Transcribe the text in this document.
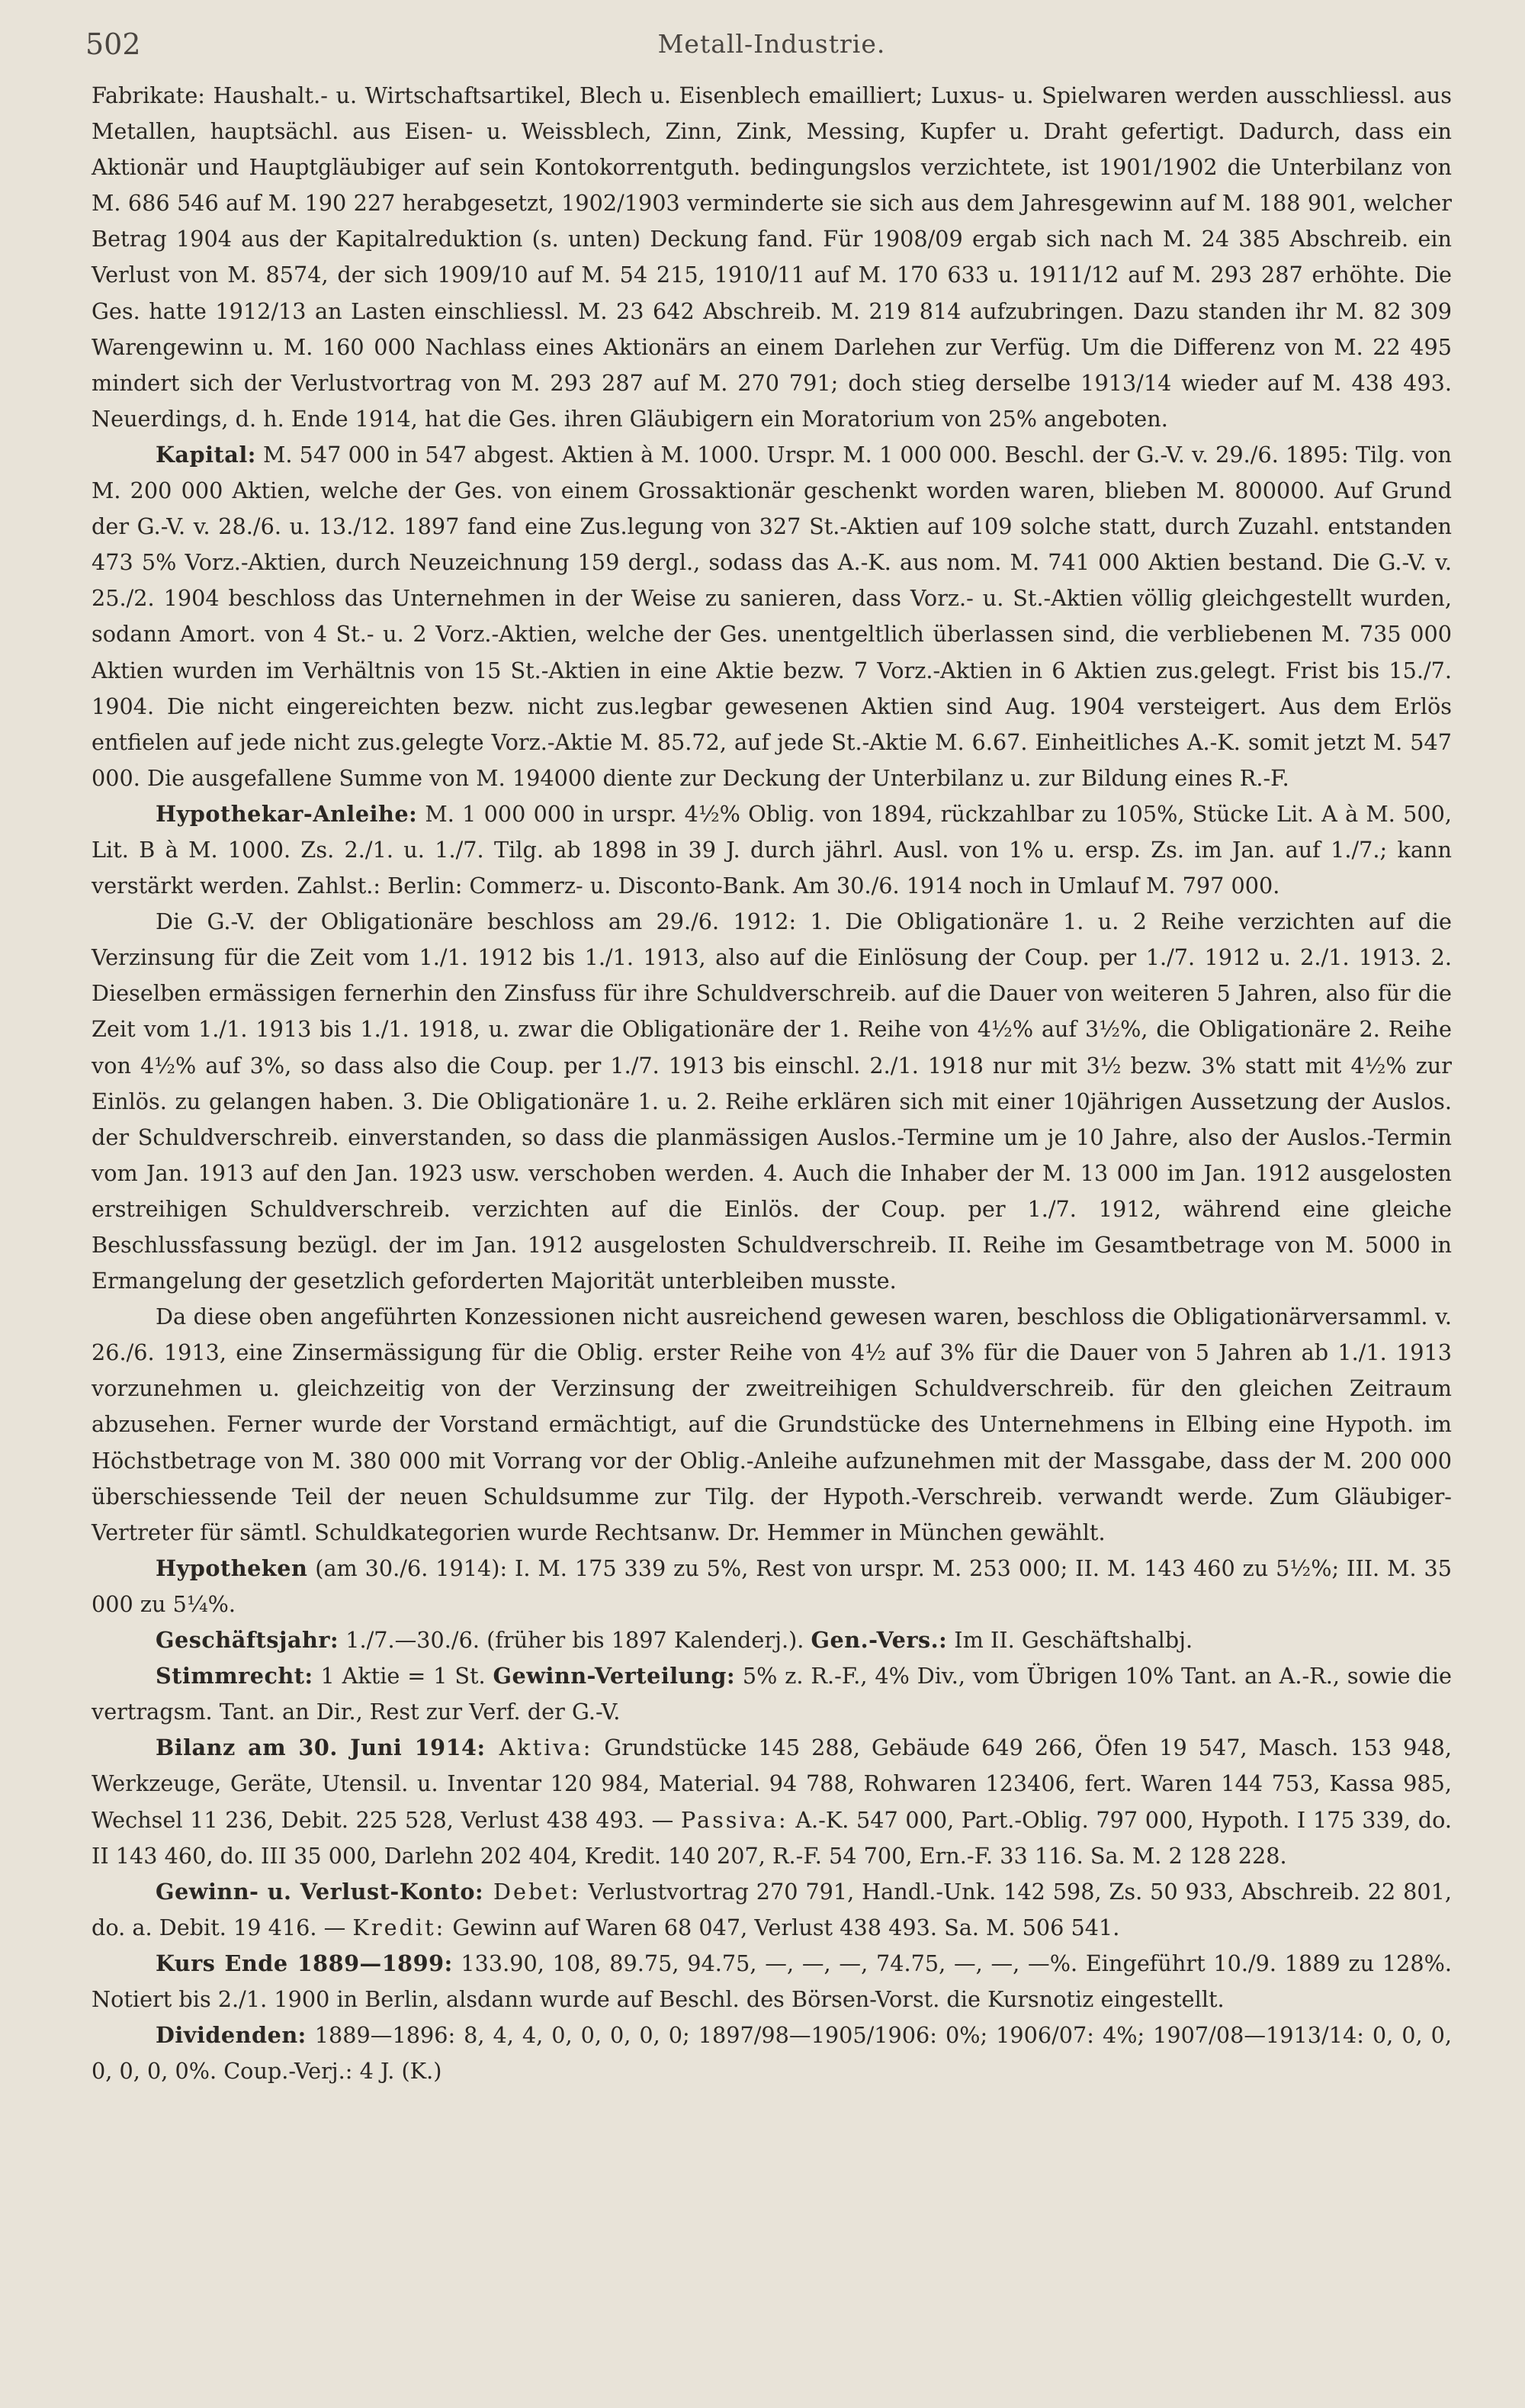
502	Metall-Industrie.

Fabrikate: Haushalt.- u. Wirtschaftsartikel, Blech u. Eisenblech emailliert; Luxus- u. Spielwaren werden ausschliessl. aus Metallen, hauptsächl. aus Eisen- u. Weissblech, Zinn, Zink, Messing, Kupfer u. Draht gefertigt. Dadurch, dass ein Aktionär und Hauptgläubiger auf sein Kontokorrentguth. bedingungslos verzichtete, ist 1901/1902 die Unterbilanz von M. 686 546 auf M. 190 227 herabgesetzt, 1902/1903 verminderte sie sich aus dem Jahresgewinn auf M. 188 901, welcher Betrag 1904 aus der Kapitalreduktion (s. unten) Deckung fand. Für 1908/09 ergab sich nach M. 24 385 Abschreib. ein Verlust von M. 8574, der sich 1909/10 auf M. 54 215, 1910/11 auf M. 170 633 u. 1911/12 auf M. 293 287 erhöhte. Die Ges. hatte 1912/13 an Lasten einschliessl. M. 23 642 Abschreib. M. 219 814 aufzubringen. Dazu standen ihr M. 82 309 Warengewinn u. M. 160 000 Nachlass eines Aktionärs an einem Darlehen zur Verfüg. Um die Differenz von M. 22 495 mindert sich der Verlustvortrag von M. 293 287 auf M. 270 791; doch stieg derselbe 1913/14 wieder auf M. 438 493. Neuerdings, d. h. Ende 1914, hat die Ges. ihren Gläubigern ein Moratorium von 25% angeboten.

Kapital: M. 547 000 in 547 abgest. Aktien à M. 1000. Urspr. M. 1 000 000. Beschl. der G.-V. v. 29./6. 1895: Tilg. von M. 200 000 Aktien, welche der Ges. von einem Grossaktionär geschenkt worden waren, blieben M. 800000. Auf Grund der G.-V. v. 28./6. u. 13./12. 1897 fand eine Zus.legung von 327 St.-Aktien auf 109 solche statt, durch Zuzahl. entstanden 473 5% Vorz.-Aktien, durch Neuzeichnung 159 dergl., sodass das A.-K. aus nom. M. 741 000 Aktien bestand. Die G.-V. v. 25./2. 1904 beschloss das Unternehmen in der Weise zu sanieren, dass Vorz.- u. St.-Aktien völlig gleichgestellt wurden, sodann Amort. von 4 St.- u. 2 Vorz.-Aktien, welche der Ges. unentgeltlich überlassen sind, die verbliebenen M. 735 000 Aktien wurden im Verhältnis von 15 St.-Aktien in eine Aktie bezw. 7 Vorz.-Aktien in 6 Aktien zus.gelegt. Frist bis 15./7. 1904. Die nicht eingereichten bezw. nicht zus.legbar gewesenen Aktien sind Aug. 1904 versteigert. Aus dem Erlös entfielen auf jede nicht zus.gelegte Vorz.-Aktie M. 85.72, auf jede St.-Aktie M. 6.67. Einheitliches A.-K. somit jetzt M. 547 000. Die ausgefallene Summe von M. 194000 diente zur Deckung der Unterbilanz u. zur Bildung eines R.-F.

Hypothekar-Anleihe: M. 1 000 000 in urspr. 4½% Oblig. von 1894, rückzahlbar zu 105%, Stücke Lit. A à M. 500, Lit. B à M. 1000. Zs. 2./1. u. 1./7. Tilg. ab 1898 in 39 J. durch jährl. Ausl. von 1% u. ersp. Zs. im Jan. auf 1./7.; kann verstärkt werden. Zahlst.: Berlin: Commerz- u. Disconto-Bank. Am 30./6. 1914 noch in Umlauf M. 797 000.

Die G.-V. der Obligationäre beschloss am 29./6. 1912: 1. Die Obligationäre 1. u. 2 Reihe verzichten auf die Verzinsung für die Zeit vom 1./1. 1912 bis 1./1. 1913, also auf die Einlösung der Coup. per 1./7. 1912 u. 2./1. 1913. 2. Dieselben ermässigen fernerhin den Zinsfuss für ihre Schuldverschreib. auf die Dauer von weiteren 5 Jahren, also für die Zeit vom 1./1. 1913 bis 1./1. 1918, u. zwar die Obligationäre der 1. Reihe von 4½% auf 3½%, die Obligationäre 2. Reihe von 4½% auf 3%, so dass also die Coup. per 1./7. 1913 bis einschl. 2./1. 1918 nur mit 3½ bezw. 3% statt mit 4½% zur Einlös. zu gelangen haben. 3. Die Obligationäre 1. u. 2. Reihe erklären sich mit einer 10jährigen Aussetzung der Auslos. der Schuldverschreib. einverstanden, so dass die planmässigen Auslos.-Termine um je 10 Jahre, also der Auslos.-Termin vom Jan. 1913 auf den Jan. 1923 usw. verschoben werden. 4. Auch die Inhaber der M. 13 000 im Jan. 1912 ausgelosten erstreihigen Schuldverschreib. verzichten auf die Einlös. der Coup. per 1./7. 1912, während eine gleiche Beschlussfassung bezügl. der im Jan. 1912 ausgelosten Schuldverschreib. II. Reihe im Gesamtbetrage von M. 5000 in Ermangelung der gesetzlich geforderten Majorität unterbleiben musste.

Da diese oben angeführten Konzessionen nicht ausreichend gewesen waren, beschloss die Obligationärversamml. v. 26./6. 1913, eine Zinsermässigung für die Oblig. erster Reihe von 4½ auf 3% für die Dauer von 5 Jahren ab 1./1. 1913 vorzunehmen u. gleichzeitig von der Verzinsung der zweitreihigen Schuldverschreib. für den gleichen Zeitraum abzusehen. Ferner wurde der Vorstand ermächtigt, auf die Grundstücke des Unternehmens in Elbing eine Hypoth. im Höchstbetrage von M. 380 000 mit Vorrang vor der Oblig.-Anleihe aufzunehmen mit der Massgabe, dass der M. 200 000 überschiessende Teil der neuen Schuldsumme zur Tilg. der Hypoth.-Verschreib. verwandt werde. Zum Gläubiger-Vertreter für sämtl. Schuldkategorien wurde Rechtsanw. Dr. Hemmer in München gewählt.

Hypotheken (am 30./6. 1914): I. M. 175 339 zu 5%, Rest von urspr. M. 253 000; II. M. 143 460 zu 5½%; III. M. 35 000 zu 5¼%.

Geschäftsjahr: 1./7.—30./6. (früher bis 1897 Kalenderj.). Gen.-Vers.: Im II. Geschäftshalbj.

Stimmrecht: 1 Aktie = 1 St. Gewinn-Verteilung: 5% z. R.-F., 4% Div., vom Übrigen 10% Tant. an A.-R., sowie die vertragsm. Tant. an Dir., Rest zur Verf. der G.-V.

Bilanz am 30. Juni 1914: Aktiva: Grundstücke 145 288, Gebäude 649 266, Öfen 19 547, Masch. 153 948, Werkzeuge, Geräte, Utensil. u. Inventar 120 984, Material. 94 788, Rohwaren 123406, fert. Waren 144 753, Kassa 985, Wechsel 11 236, Debit. 225 528, Verlust 438 493. — Passiva: A.-K. 547 000, Part.-Oblig. 797 000, Hypoth. I 175 339, do. II 143 460, do. III 35 000, Darlehn 202 404, Kredit. 140 207, R.-F. 54 700, Ern.-F. 33 116. Sa. M. 2 128 228.

Gewinn- u. Verlust-Konto: Debet: Verlustvortrag 270 791, Handl.-Unk. 142 598, Zs. 50 933, Abschreib. 22 801, do. a. Debit. 19 416. — Kredit: Gewinn auf Waren 68 047, Verlust 438 493. Sa. M. 506 541.

Kurs Ende 1889—1899: 133.90, 108, 89.75, 94.75, —, —, —, 74.75, —, —, —%. Eingeführt 10./9. 1889 zu 128%. Notiert bis 2./1. 1900 in Berlin, alsdann wurde auf Beschl. des Börsen-Vorst. die Kursnotiz eingestellt.

Dividenden: 1889—1896: 8, 4, 4, 0, 0, 0, 0, 0; 1897/98—1905/1906: 0%; 1906/07: 4%; 1907/08—1913/14: 0, 0, 0, 0, 0, 0, 0%. Coup.-Verj.: 4 J. (K.)
